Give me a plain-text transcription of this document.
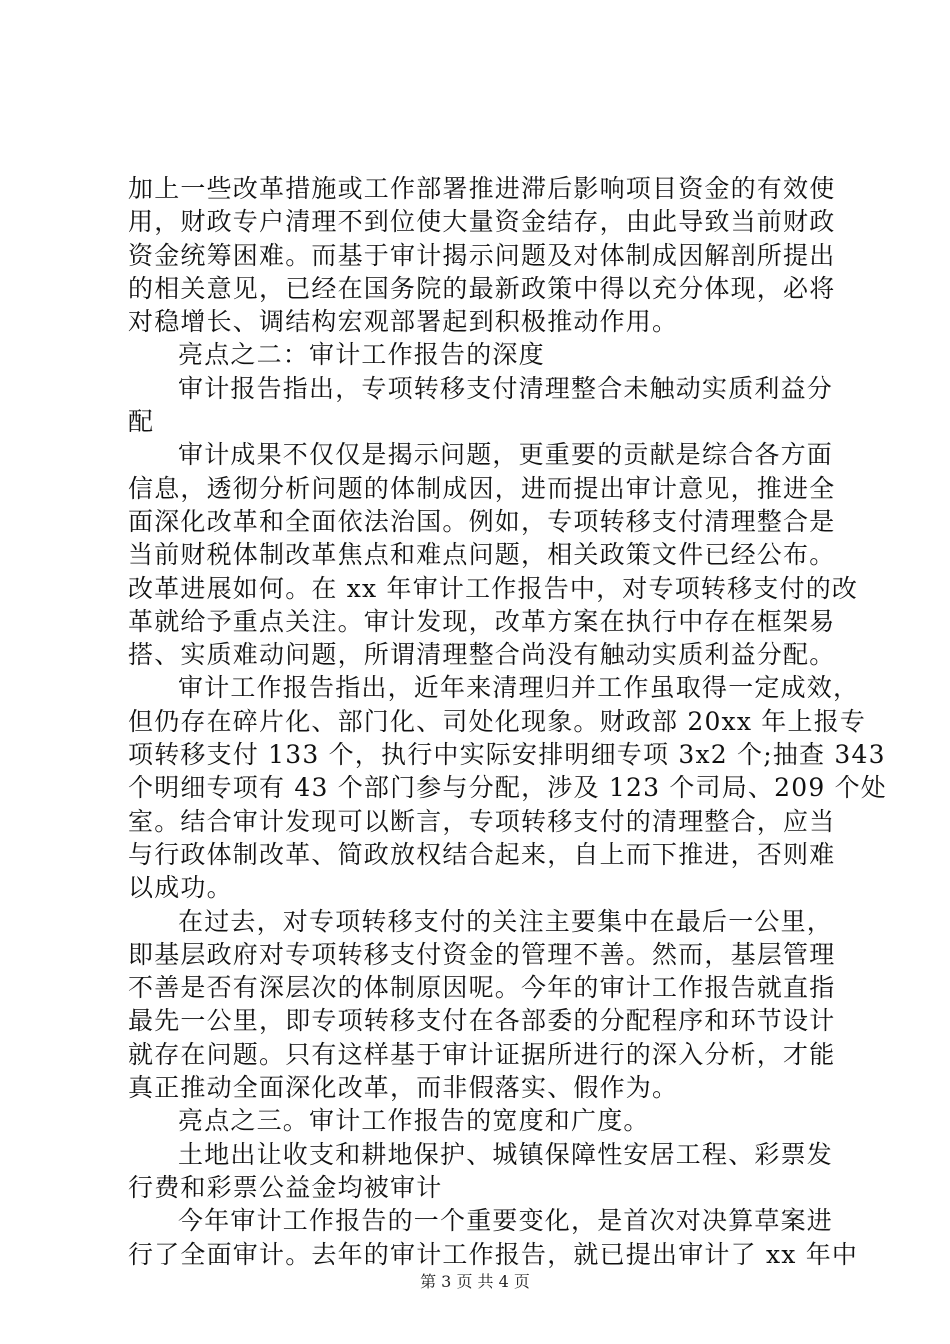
加上一些改革措施或工作部署推进滞后影响项目资金的有效使
用，财政专户清理不到位使大量资金结存，由此导致当前财政
资金统筹困难。而基于审计揭示问题及对体制成因解剖所提出
的相关意见，已经在国务院的最新政策中得以充分体现，必将
对稳增长、调结构宏观部署起到积极推动作用。
亮点之二：审计工作报告的深度
审计报告指出，专项转移支付清理整合未触动实质利益分
配
审计成果不仅仅是揭示问题，更重要的贡献是综合各方面
信息，透彻分析问题的体制成因，进而提出审计意见，推进全
面深化改革和全面依法治国。例如，专项转移支付清理整合是
当前财税体制改革焦点和难点问题，相关政策文件已经公布。
改革进展如何。在 xx 年审计工作报告中，对专项转移支付的改
革就给予重点关注。审计发现，改革方案在执行中存在框架易
搭、实质难动问题，所谓清理整合尚没有触动实质利益分配。
审计工作报告指出，近年来清理归并工作虽取得一定成效，
但仍存在碎片化、部门化、司处化现象。财政部 20xx 年上报专
项转移支付 133 个，执行中实际安排明细专项 3x2 个;抽查 343
个明细专项有 43 个部门参与分配，涉及 123 个司局、209 个处
室。结合审计发现可以断言，专项转移支付的清理整合，应当
与行政体制改革、简政放权结合起来，自上而下推进，否则难
以成功。
在过去，对专项转移支付的关注主要集中在最后一公里，
即基层政府对专项转移支付资金的管理不善。然而，基层管理
不善是否有深层次的体制原因呢。今年的审计工作报告就直指
最先一公里，即专项转移支付在各部委的分配程序和环节设计
就存在问题。只有这样基于审计证据所进行的深入分析，才能
真正推动全面深化改革，而非假落实、假作为。
亮点之三。审计工作报告的宽度和广度。
土地出让收支和耕地保护、城镇保障性安居工程、彩票发
行费和彩票公益金均被审计
今年审计工作报告的一个重要变化，是首次对决算草案进
行了全面审计。去年的审计工作报告，就已提出审计了 xx 年中
第 3 页 共 4 页
